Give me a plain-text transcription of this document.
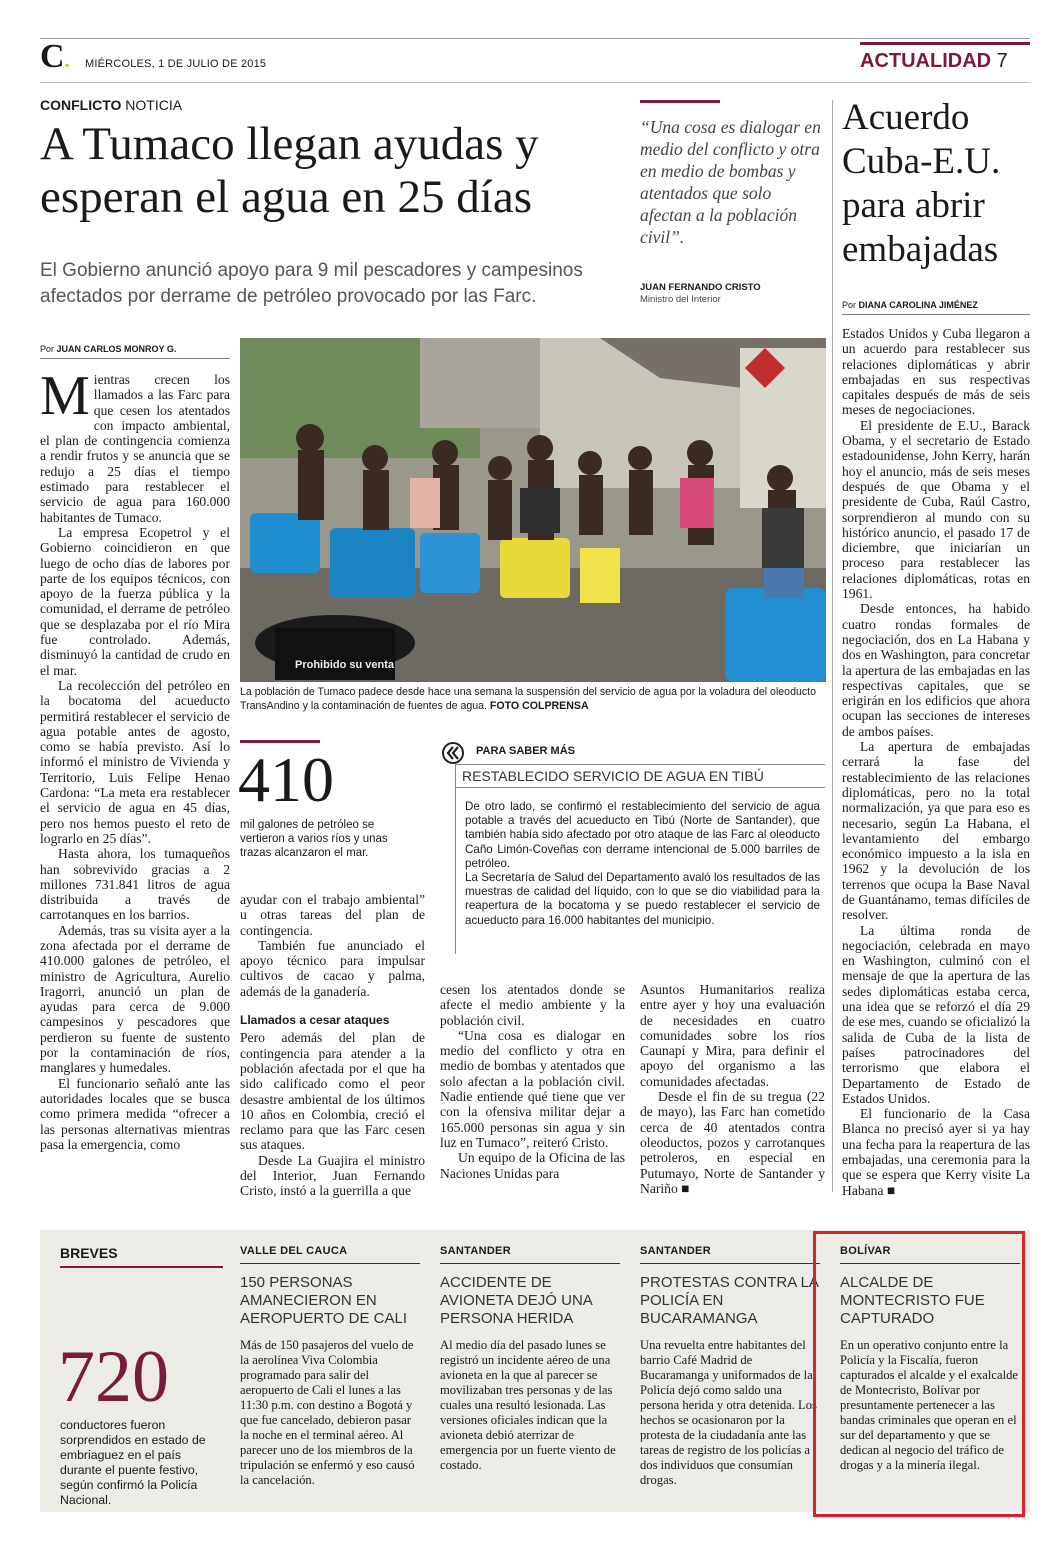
C. MIÉRCOLES, 1 DE JULIO DE 2015	ACTUALIDAD 7
CONFLICTO NOTICIA
A Tumaco llegan ayudas y esperan el agua en 25 días
El Gobierno anunció apoyo para 9 mil pescadores y campesinos afectados por derrame de petróleo provocado por las Farc.
“Una cosa es dialogar en medio del conflicto y otra en medio de bombas y atentados que solo afectan a la población civil”.
JUAN FERNANDO CRISTO
Ministro del Interior
Por JUAN CARLOS MONROY G.
Prohibido su venta
La población de Tumaco padece desde hace una semana la suspensión del servicio de agua por la voladura del oleoducto TransAndino y la contaminación de fuentes de agua. FOTO COLPRENSA
M ientras crecen los llamados a las Farc para que cesen los atentados con impacto ambiental, el plan de contingencia comienza a rendir frutos y se anuncia que se redujo a 25 días el tiempo estimado para restablecer el servicio de agua para 160.000 habitantes de Tumaco.

La empresa Ecopetrol y el Gobierno coincidieron en que luego de ocho días de labores por parte de los equipos técnicos, con apoyo de la fuerza pública y la comunidad, el derrame de petróleo que se desplazaba por el río Mira fue controlado. Además, disminuyó la cantidad de crudo en el mar.

La recolección del petróleo en la bocatoma del acueducto permitirá restablecer el servicio de agua potable antes de agosto, como se había previsto. Así lo informó el ministro de Vivienda y Territorio, Luis Felipe Henao Cardona: “La meta era restablecer el servicio de agua en 45 días, pero nos hemos puesto el reto de lograrlo en 25 días”.

Hasta ahora, los tumaqueños han sobrevivido gracias a 2 millones 731.841 litros de agua distribuida a través de carrotanques en los barrios.

Además, tras su visita ayer a la zona afectada por el derrame de 410.000 galones de petróleo, el ministro de Agricultura, Aurelio Iragorri, anunció un plan de ayudas para cerca de 9.000 campesinos y pescadores que perdieron su fuente de sustento por la contaminación de ríos, manglares y humedales.

El funcionario señaló ante las autoridades locales que se busca como primera medida “ofrecer a las personas alternativas mientras pasa la emergencia, como

410
mil galones de petróleo se vertieron a varios ríos y unas trazas alcanzaron el mar.

ayudar con el trabajo ambiental” u otras tareas del plan de contingencia.

También fue anunciado el apoyo técnico para impulsar cultivos de cacao y palma, además de la ganadería.

Llamados a cesar ataques

Pero además del plan de contingencia para atender a la población afectada por el que ha sido calificado como el peor desastre ambiental de los últimos 10 años en Colombia, creció el reclamo para que las Farc cesen sus ataques.

Desde La Guajira el ministro del Interior, Juan Fernando Cristo, instó a la guerrilla a que

PARA SABER MÁS
RESTABLECIDO SERVICIO DE AGUA EN TIBÚ
De otro lado, se confirmó el restablecimiento del servicio de agua potable a través del acueducto en Tibú (Norte de Santander), que también había sido afectado por otro ataque de las Farc al oleoducto Caño Limón-Coveñas con derrame intencional de 5.000 barriles de petróleo.
La Secretaría de Salud del Departamento avaló los resultados de las muestras de calidad del líquido, con lo que se dio viabilidad para la reapertura de la bocatoma y se puedo restablecer el servicio de acueducto para 16.000 habitantes del municipio.

cesen los atentados donde se afecte el medio ambiente y la población civil.

“Una cosa es dialogar en medio del conflicto y otra en medio de bombas y atentados que solo afectan a la población civil. Nadie entiende qué tiene que ver con la ofensiva militar dejar a 165.000 personas sin agua y sin luz en Tumaco”, reiteró Cristo.

Un equipo de la Oficina de las Naciones Unidas para

Asuntos Humanitarios realiza entre ayer y hoy una evaluación de necesidades en cuatro comunidades sobre los ríos Caunapí y Mira, para definir el apoyo del organismo a las comunidades afectadas.

Desde el fin de su tregua (22 de mayo), las Farc han cometido cerca de 40 atentados contra oleoductos, pozos y carrotanques petroleros, en especial en Putumayo, Norte de Santander y Nariño ■

Acuerdo Cuba-E.U. para abrir embajadas
Por DIANA CAROLINA JIMÉNEZ

Estados Unidos y Cuba llegaron a un acuerdo para restablecer sus relaciones diplomáticas y abrir embajadas en sus respectivas capitales después de más de seis meses de negociaciones.

El presidente de E.U., Barack Obama, y el secretario de Estado estadounidense, John Kerry, harán hoy el anuncio, más de seis meses después de que Obama y el presidente de Cuba, Raúl Castro, sorprendieron al mundo con su histórico anuncio, el pasado 17 de diciembre, que iniciarían un proceso para restablecer las relaciones diplomáticas, rotas en 1961.

Desde entonces, ha habido cuatro rondas formales de negociación, dos en La Habana y dos en Washington, para concretar la apertura de las embajadas en las respectivas capitales, que se erigirán en los edificios que ahora ocupan las secciones de intereses de ambos países.

La apertura de embajadas cerrará la fase del restablecimiento de las relaciones diplomáticas, pero no la total normalización, ya que para eso es necesario, según La Habana, el levantamiento del embargo económico impuesto a la isla en 1962 y la devolución de los terrenos que ocupa la Base Naval de Guantánamo, temas difíciles de resolver.

La última ronda de negociación, celebrada en mayo en Washington, culminó con el mensaje de que la apertura de las sedes diplomáticas estaba cerca, una idea que se reforzó el día 29 de ese mes, cuando se oficializó la salida de Cuba de la lista de países patrocinadores del terrorismo que elabora el Departamento de Estado de Estados Unidos.

El funcionario de la Casa Blanca no precisó ayer si ya hay una fecha para la reapertura de las embajadas, una ceremonia para la que se espera que Kerry visite La Habana ■

BREVES
720
conductores fueron sorprendidos en estado de embriaguez en el país durante el puente festivo, según confirmó la Policía Nacional.
VALLE DEL CAUCA
150 PERSONAS AMANECIERON EN AEROPUERTO DE CALI
Más de 150 pasajeros del vuelo de la aerolínea Viva Colombia programado para salir del aeropuerto de Cali el lunes a las 11:30 p.m. con destino a Bogotá y que fue cancelado, debieron pasar la noche en el terminal aéreo. Al parecer uno de los miembros de la tripulación se enfermó y eso causó la cancelación.
SANTANDER
ACCIDENTE DE AVIONETA DEJÓ UNA PERSONA HERIDA
Al medio día del pasado lunes se registró un incidente aéreo de una avioneta en la que al parecer se movilizaban tres personas y de las cuales una resultó lesionada. Las versiones oficiales indican que la avioneta debió aterrizar de emergencia por un fuerte viento de costado.
SANTANDER
PROTESTAS CONTRA LA POLICÍA EN BUCARAMANGA
Una revuelta entre habitantes del barrio Café Madrid de Bucaramanga y uniformados de la Policía dejó como saldo una persona herida y otra detenida. Los hechos se ocasionaron por la protesta de la ciudadanía ante las tareas de registro de los policías a dos individuos que consumían drogas.
BOLÍVAR
ALCALDE DE MONTECRISTO FUE CAPTURADO
En un operativo conjunto entre la Policía y la Fiscalía, fueron capturados el alcalde y el exalcalde de Montecristo, Bolívar por presuntamente pertenecer a las bandas criminales que operan en el sur del departamento y que se dedican al negocio del tráfico de drogas y a la minería ilegal.
